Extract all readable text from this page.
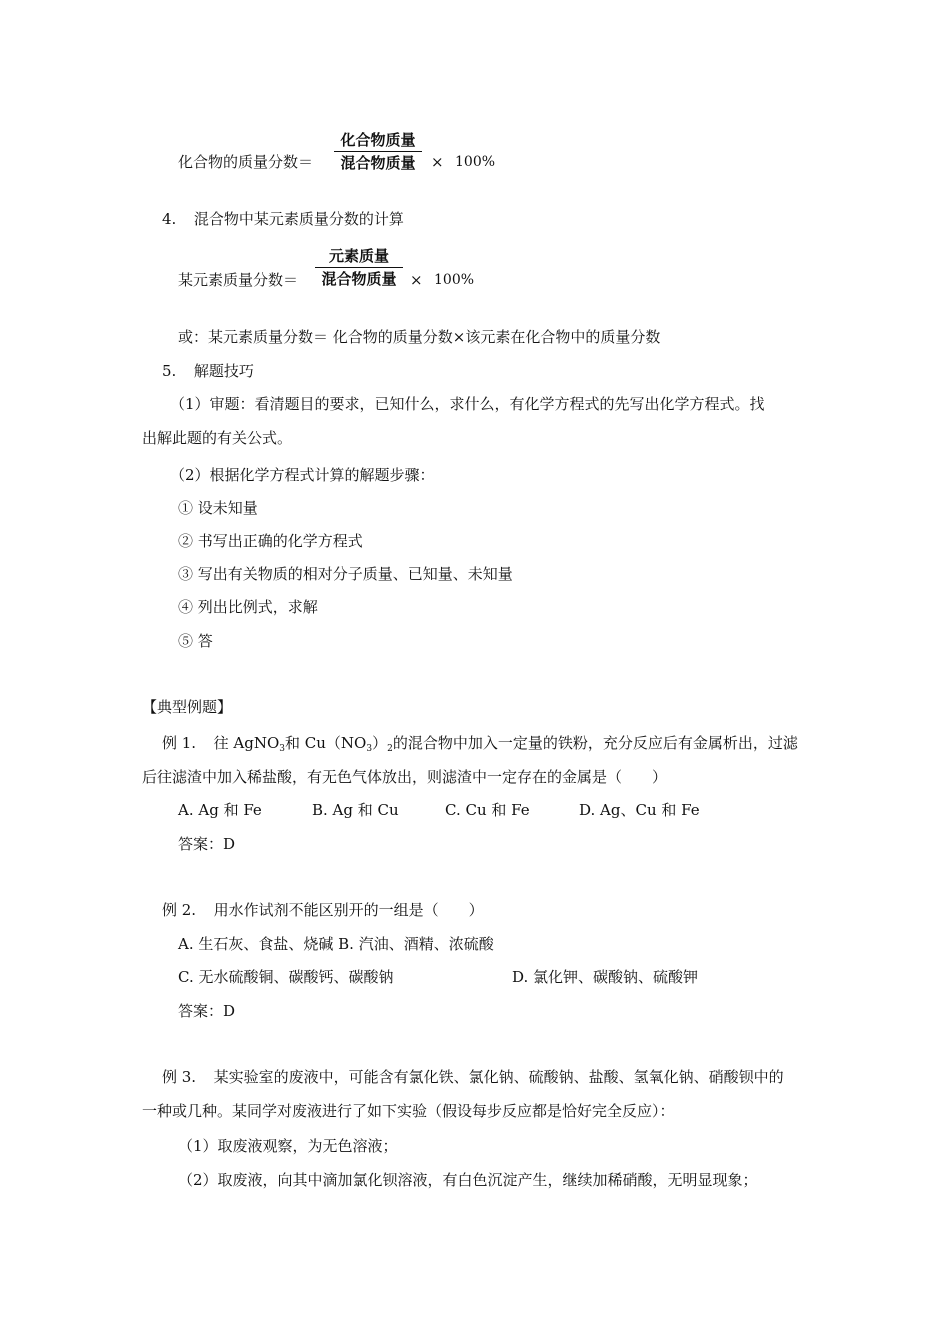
化合物的质量分数＝
化合物质量
混合物质量	× 100%
4. 混合物中某元素质量分数的计算
某元素质量分数＝
元素质量
混合物质量 × 100%
或：某元素质量分数＝ 化合物的质量分数×该元素在化合物中的质量分数
5. 解题技巧
（1）审题：看清题目的要求，已知什么，求什么，有化学方程式的先写出化学方程式。找
出解此题的有关公式。
（2）根据化学方程式计算的解题步骤：
① 设未知量
② 书写出正确的化学方程式
③ 写出有关物质的相对分子质量、已知量、未知量
④ 列出比例式，求解
⑤ 答
【典型例题】
例 1. 往 AgNO$_3$和 $Cu(NO_3)_2$的混合物中加入一定量的铁粉，充分反应后有金属析出，过滤
后往滤渣中加入稀盐酸，有无色气体放出，则滤渣中一定存在的金属是（　　）
A. Ag 和 Fe	B. Ag 和 Cu	C. Cu 和 Fe	D. Ag、Cu 和 Fe
答案：D
例 2. 用水作试剂不能区别开的一组是（　　）
A. 生石灰、食盐、烧碱 B. 汽油、酒精、浓硫酸
C. 无水硫酸铜、碳酸钙、碳酸钠	D. 氯化钾、碳酸钠、硫酸钾
答案：D
例 3. 某实验室的废液中，可能含有氯化铁、氯化钠、硫酸钠、盐酸、氢氧化钠、硝酸钡中的
一种或几种。某同学对废液进行了如下实验（假设每步反应都是恰好完全反应）：
（1）取废液观察，为无色溶液；
（2）取废液，向其中滴加氯化钡溶液，有白色沉淀产生，继续加稀硝酸，无明显现象；
